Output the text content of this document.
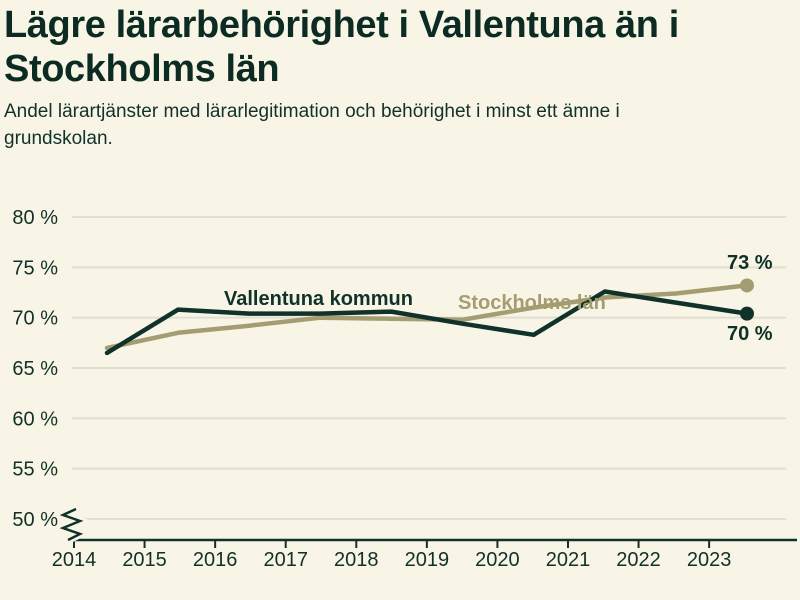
Lägre lärarbehörighet i Vallentuna än i
Stockholms län
Andel lärartjänster med lärarlegitimation och behörighet i minst ett ämne i
grundskolan.
80 %
75 %
70 %
65 %
60 %
55 %
50 %
2014 2015 2016 2017 2018 2019 2020 2021 2022 2023
Vallentuna kommun Stockholms län
73 %
70 %
